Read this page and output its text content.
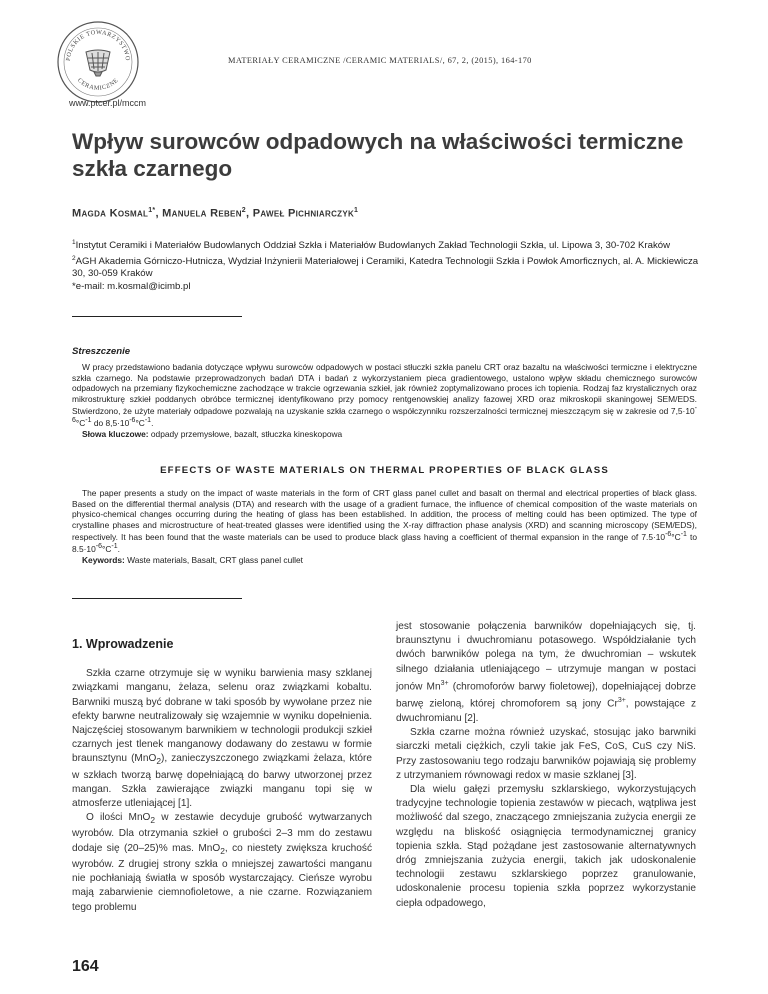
POLSKIE TOWARZYSTWO
CERAMICZNE
MATERIAŁY CERAMICZNE /CERAMIC MATERIALS/, 67, 2, (2015), 164-170
www.ptcer.pl/mccm
Wpływ surowców odpadowych na właściwości termiczne szkła czarnego
Magda Kosmal$^{1*}$, Manuela Reben$^2$, Paweł Pichniarczyk$^1$

$^1$Instytut Ceramiki i Materiałów Budowlanych Oddział Szkła i Materiałów Budowlanych Zakład Technologii Szkła, ul. Lipowa 3, 30-702 Kraków

$^2$AGH Akademia Górniczo-Hutnicza, Wydział Inżynierii Materiałowej i Ceramiki, Katedra Technologii Szkła i Powłok Amorficznych, al. A. Mickiewicza 30, 30-059 Kraków

*e-mail: m.kosmal@icimb.pl

Streszczenie

W pracy przedstawiono badania dotyczące wpływu surowców odpadowych w postaci stłuczki szkła panelu CRT oraz bazaltu na właściwości termiczne i elektryczne szkła czarnego. Na podstawie przeprowadzonych badań DTA i badań z wykorzystaniem pieca gradientowego, ustalono wpływ składu chemicznego surowców odpadowych na przemiany fizykochemiczne zachodzące w trakcie ogrzewania szkieł, jak również zoptymalizowano proces ich topienia. Rodzaj faz krystalicznych oraz mikrostrukturę szkieł poddanych obróbce termicznej identyfikowano przy pomocy rentgenowskiej analizy fazowej XRD oraz mikroskopii skaningowej SEM/EDS. Stwierdzono, że użyte materiały odpadowe pozwalają na uzyskanie szkła czarnego o współczynniku rozszerzalności termicznej mieszczącym się w zakresie od $7,5\cdot 10^{-6}^\circ C^{-1}$ do $8,5\cdot 10^{-6}^\circ C^{-1}$.

Słowa kluczowe: odpady przemysłowe, bazalt, stłuczka kineskopowa

EFFECTS OF WASTE MATERIALS ON THERMAL PROPERTIES OF BLACK GLASS

The paper presents a study on the impact of waste materials in the form of CRT glass panel cullet and basalt on thermal and electrical properties of black glass. Based on the differential thermal analysis (DTA) and research with the usage of a gradient furnace, the influence of chemical composition of the waste materials on physico-chemical changes occurring during the heating of glass has been established. In addition, the process of melting could has been optimized. The type of crystalline phases and microstructure of heat-treated glasses were identified using the X-ray diffraction phase analysis (XRD) and scanning microscopy (SEM/EDS), respectively. It has been found that the waste materials can be used to produce black glass having a coefficient of thermal expansion in the range of $7.5\cdot 10^{-6}^\circ C^{-1}$ to $8.5\cdot 10^{-6}^\circ C^{-1}$.

Keywords: Waste materials, Basalt, CRT glass panel cullet

1. Wprowadzenie

Szkła czarne otrzymuje się w wyniku barwienia masy szklanej związkami manganu, żelaza, selenu oraz związkami kobaltu. Barwniki muszą być dobrane w taki sposób by wywołane przez nie efekty barwne neutralizowały się wzajemnie w wyniku dopełnienia. Najczęściej stosowanym barwnikiem w technologii produkcji szkieł czarnych jest tlenek manganowy dodawany do zestawu w formie braunsztynu (MnO$_2$), zanieczyszczonego związkami żelaza, które w szkłach tworzą barwę dopełniającą do barwy utworzonej przez mangan. Szkła zawierające związki manganu topi się w atmosferze utleniającej [1].

O ilości MnO$_2$ w zestawie decyduje grubość wytwarzanych wyrobów. Dla otrzymania szkieł o grubości 2–3 mm do zestawu dodaje się (20–25)% mas. MnO$_2$, co niestety zwiększa kruchość wyrobów. Z drugiej strony szkła o mniejszej zawartości manganu nie pochłaniają światła w sposób wystarczający. Cieńsze wyrobu mają zabarwienie ciemnofioletowe, a nie czarne. Rozwiązaniem tego problemu

jest stosowanie połączenia barwników dopełniających się, tj. braunsztynu i dwuchromianu potasowego. Współdziałanie tych dwóch barwników polega na tym, że dwuchromian – wskutek silnego działania utleniającego – utrzymuje mangan w postaci jonów $Mn^{3+}$ (chromoforów barwy fioletowej), dopełniającej dobrze barwę zieloną, której chromoforem są jony $Cr^{3+}$, powstające z dwuchromianu [2].

Szkła czarne można również uzyskać, stosując jako barwniki siarczki metali ciężkich, czyli takie jak FeS, CoS, CuS czy NiS. Przy zastosowaniu tego rodzaju barwników pojawiają się problemy z utrzymaniem równowagi redox w masie szklanej [3].

Dla wielu gałęzi przemysłu szklarskiego, wykorzystujących tradycyjne technologie topienia zestawów w piecach, wątpliwa jest możliwość dal szego, znaczącego zmniejszania zużycia energii ze względu na bliskość osiągnięcia termodynamicznej granicy topienia szkła. Stąd pożądane jest zastosowanie alternatywnych dróg zmniejszania zużycia energii, takich jak udoskonalenie technologii zestawu szklarskiego poprzez granulowanie, udoskonalenie procesu topienia szkła poprzez wykorzystanie ciepła odpadowego,

164
